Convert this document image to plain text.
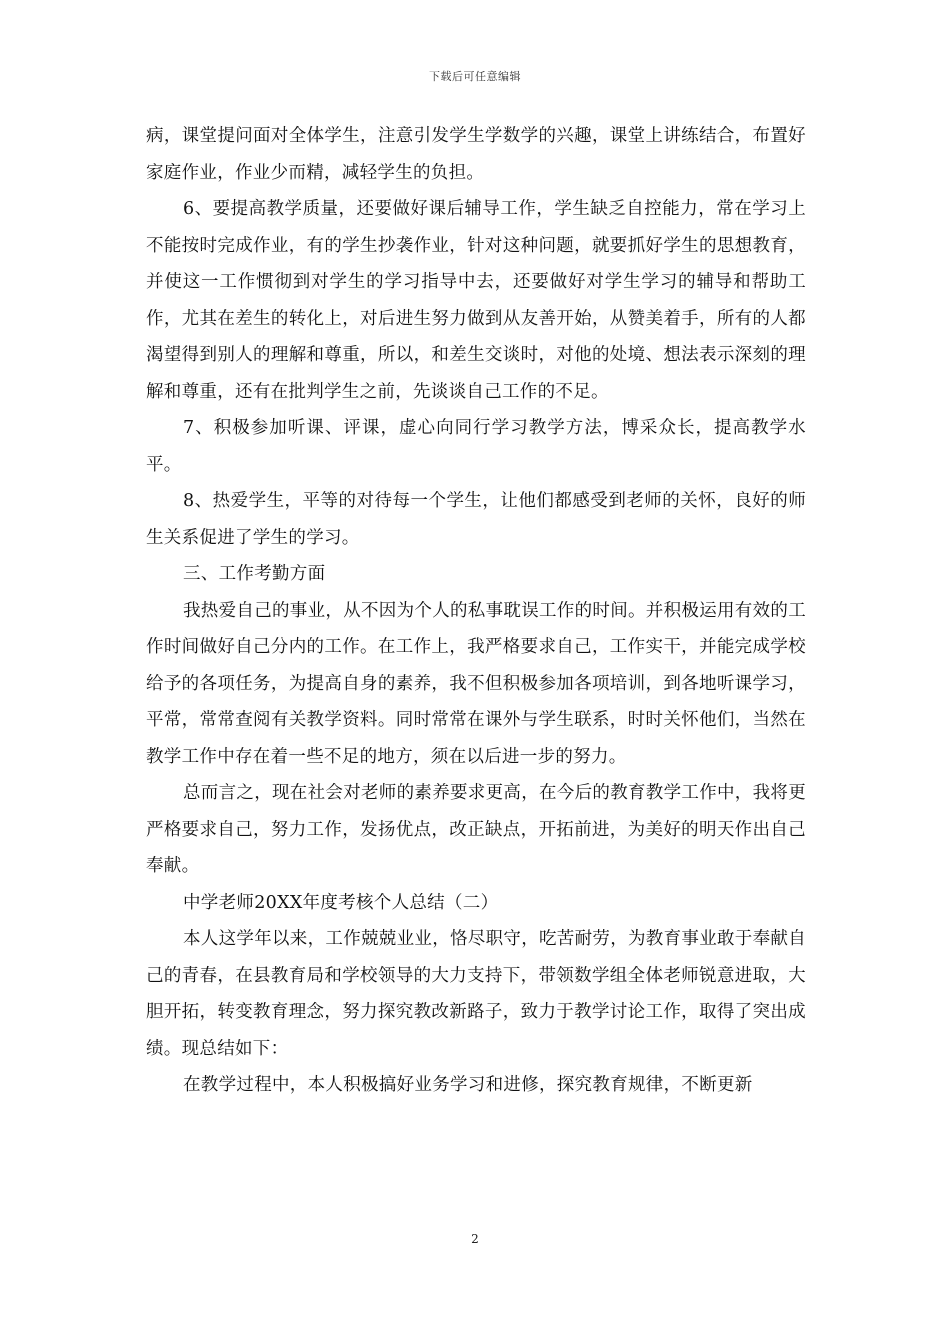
下载后可任意编辑

病，课堂提问面对全体学生，注意引发学生学数学的兴趣，课堂上讲练结合，布置好家庭作业，作业少而精，减轻学生的负担。

6、要提高教学质量，还要做好课后辅导工作，学生缺乏自控能力，常在学习上不能按时完成作业，有的学生抄袭作业，针对这种问题，就要抓好学生的思想教育，并使这一工作惯彻到对学生的学习指导中去，还要做好对学生学习的辅导和帮助工作，尤其在差生的转化上，对后进生努力做到从友善开始，从赞美着手，所有的人都渴望得到别人的理解和尊重，所以，和差生交谈时，对他的处境、想法表示深刻的理解和尊重，还有在批判学生之前，先谈谈自己工作的不足。

7、积极参加听课、评课，虚心向同行学习教学方法，博采众长，提高教学水平。

8、热爱学生，平等的对待每一个学生，让他们都感受到老师的关怀，良好的师生关系促进了学生的学习。

三、工作考勤方面

我热爱自己的事业，从不因为个人的私事耽误工作的时间。并积极运用有效的工作时间做好自己分内的工作。在工作上，我严格要求自己，工作实干，并能完成学校给予的各项任务，为提高自身的素养，我不但积极参加各项培训，到各地听课学习，平常，常常查阅有关教学资料。同时常常在课外与学生联系，时时关怀他们，当然在教学工作中存在着一些不足的地方，须在以后进一步的努力。

总而言之，现在社会对老师的素养要求更高，在今后的教育教学工作中，我将更严格要求自己，努力工作，发扬优点，改正缺点，开拓前进，为美好的明天作出自己奉献。

中学老师20XX年度考核个人总结（二）

本人这学年以来，工作兢兢业业，恪尽职守，吃苦耐劳，为教育事业敢于奉献自己的青春，在县教育局和学校领导的大力支持下，带领数学组全体老师锐意进取，大胆开拓，转变教育理念，努力探究教改新路子，致力于教学讨论工作，取得了突出成绩。现总结如下：

在教学过程中，本人积极搞好业务学习和进修，探究教育规律，不断更新

2
